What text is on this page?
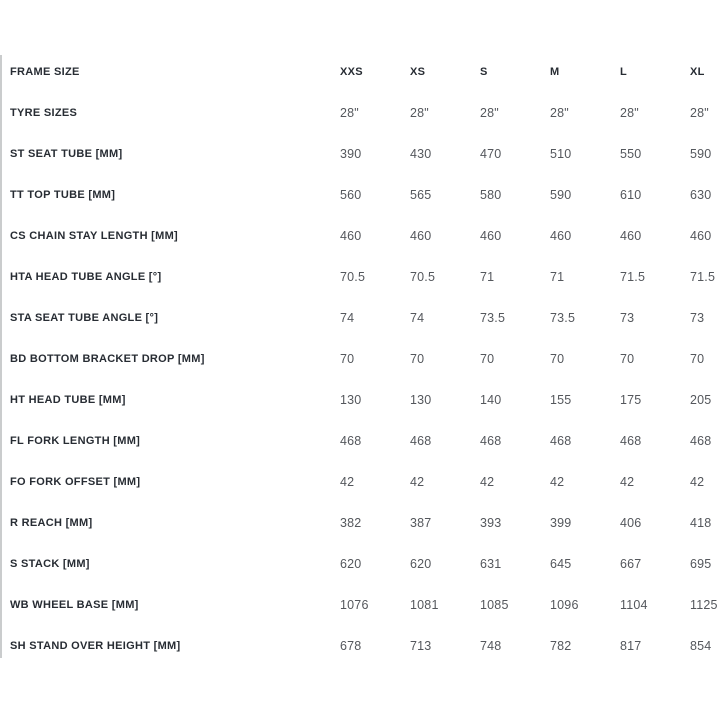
FRAME SIZE	XXS	XS	S	M	L	XL
TYRE SIZES	28"	28"	28"	28"	28"	28"
ST SEAT TUBE [MM]	390	430	470	510	550	590
TT TOP TUBE [MM]	560	565	580	590	610	630
CS CHAIN STAY LENGTH [MM]	460	460	460	460	460	460
HTA HEAD TUBE ANGLE [°]	70.5	70.5	71	71	71.5	71.5
STA SEAT TUBE ANGLE [°]	74	74	73.5	73.5	73	73
BD BOTTOM BRACKET DROP [MM]	70	70	70	70	70	70
HT HEAD TUBE [MM]	130	130	140	155	175	205
FL FORK LENGTH [MM]	468	468	468	468	468	468
FO FORK OFFSET [MM]	42	42	42	42	42	42
R REACH [MM]	382	387	393	399	406	418
S STACK [MM]	620	620	631	645	667	695
WB WHEEL BASE [MM]	1076	1081	1085	1096	1104	1125
SH STAND OVER HEIGHT [MM]	678	713	748	782	817	854
